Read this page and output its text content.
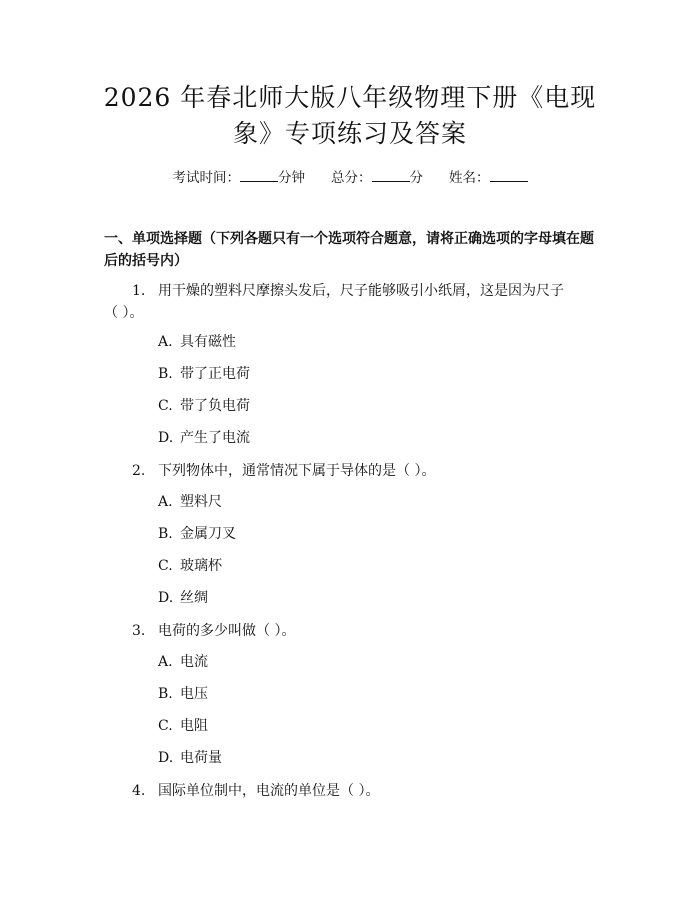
2026 年春北师大版八年级物理下册《电现
象》专项练习及答案
考试时间：	分钟 总分：	分 姓名：
一、单项选择题（下列各题只有一个选项符合题意，请将正确选项的字母填在题
后的括号内）
1. 用干燥的塑料尺摩擦头发后，尺子能够吸引小纸屑，这是因为尺子
（ ）。
A. 具有磁性
B. 带了正电荷
C. 带了负电荷
D. 产生了电流
2. 下列物体中，通常情况下属于导体的是（ ）。
A. 塑料尺
B. 金属刀叉
C. 玻璃杯
D. 丝绸
3. 电荷的多少叫做（ ）。
A. 电流
B. 电压
C. 电阻
D. 电荷量
4. 国际单位制中，电流的单位是（ ）。
